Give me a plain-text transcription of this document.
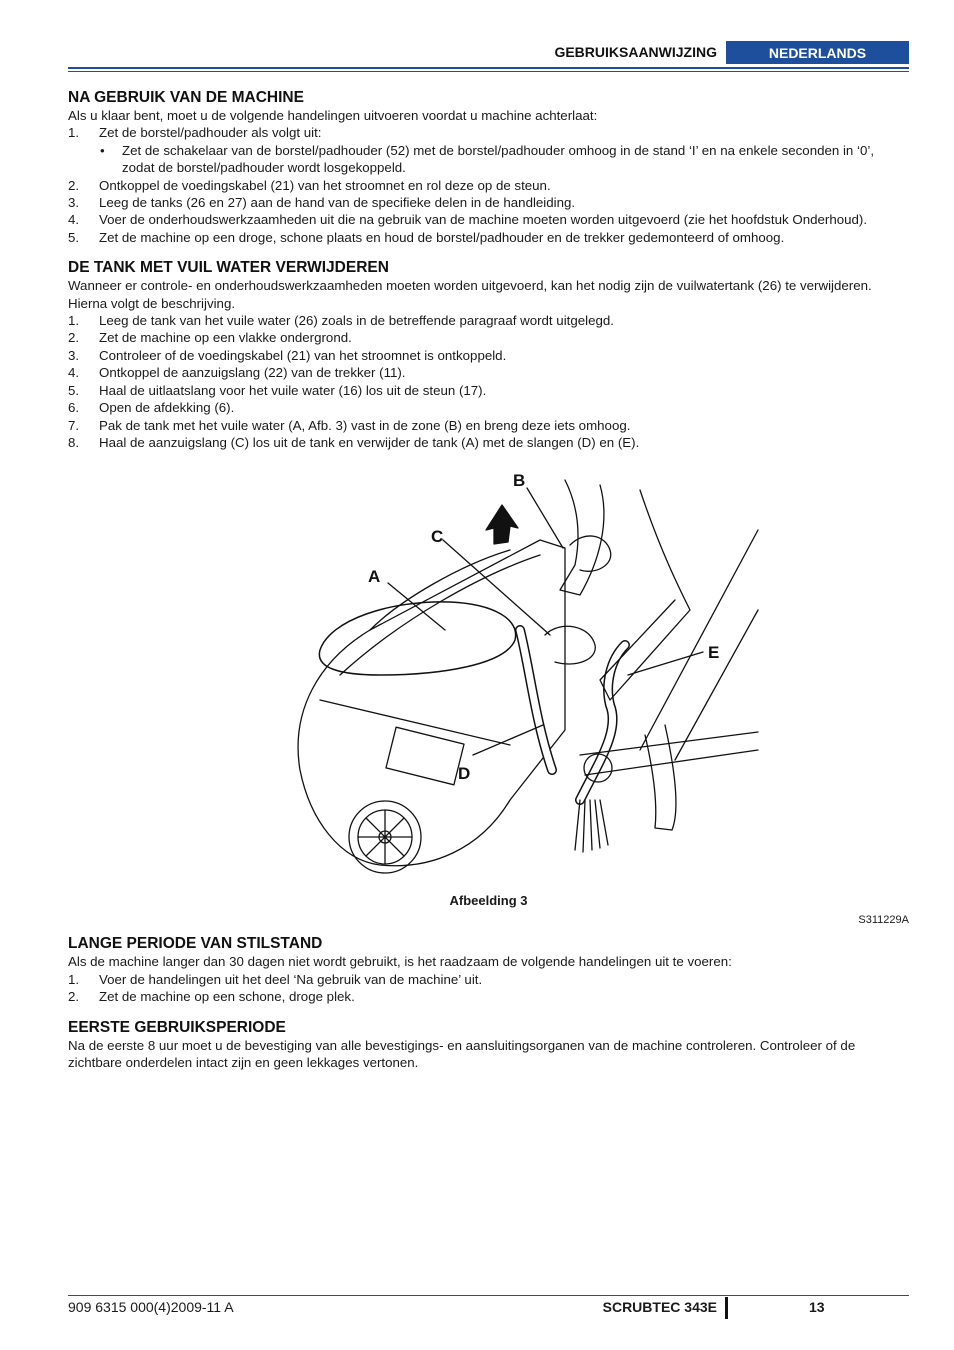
GEBRUIKSAANWIJZING	NEDERLANDS
NA GEBRUIK VAN DE MACHINE

Als u klaar bent, moet u de volgende handelingen uitvoeren voordat u machine achterlaat:

1. Zet de borstel/padhouder als volgt uit:
• Zet de schakelaar van de borstel/padhouder (52) met de borstel/padhouder omhoog in de stand ‘I’ en na enkele seconden in ‘0’, zodat de borstel/padhouder wordt losgekoppeld.
2. Ontkoppel de voedingskabel (21) van het stroomnet en rol deze op de steun.
3. Leeg de tanks (26 en 27) aan de hand van de specifieke delen in de handleiding.
4. Voer de onderhoudswerkzaamheden uit die na gebruik van de machine moeten worden uitgevoerd (zie het hoofdstuk Onderhoud).
5. Zet de machine op een droge, schone plaats en houd de borstel/padhouder en de trekker gedemonteerd of omhoog.
DE TANK MET VUIL WATER VERWIJDEREN

Wanneer er controle- en onderhoudswerkzaamheden moeten worden uitgevoerd, kan het nodig zijn de vuilwatertank (26) te verwijderen. Hierna volgt de beschrijving.

1. Leeg de tank van het vuile water (26) zoals in de betreffende paragraaf wordt uitgelegd.
2. Zet de machine op een vlakke ondergrond.
3. Controleer of de voedingskabel (21) van het stroomnet is ontkoppeld.
4. Ontkoppel de aanzuigslang (22) van de trekker (11).
5. Haal de uitlaatslang voor het vuile water (16) los uit de steun (17).
6. Open de afdekking (6).
7. Pak de tank met het vuile water (A, Afb. 3) vast in de zone (B) en breng deze iets omhoog.
8. Haal de aanzuigslang (C) los uit de tank en verwijder de tank (A) met de slangen (D) en (E).
A
B
C
D
E
Afbeelding 3
S311229A
LANGE PERIODE VAN STILSTAND

Als de machine langer dan 30 dagen niet wordt gebruikt, is het raadzaam de volgende handelingen uit te voeren:

1. Voer de handelingen uit het deel ‘Na gebruik van de machine’ uit.
2. Zet de machine op een schone, droge plek.
EERSTE GEBRUIKSPERIODE

Na de eerste 8 uur moet u de bevestiging van alle bevestigings- en aansluitingsorganen van de machine controleren. Controleer of de zichtbare onderdelen intact zijn en geen lekkages vertonen.

909 6315 000(4)2009-11 A	SCRUBTEC 343E	13
